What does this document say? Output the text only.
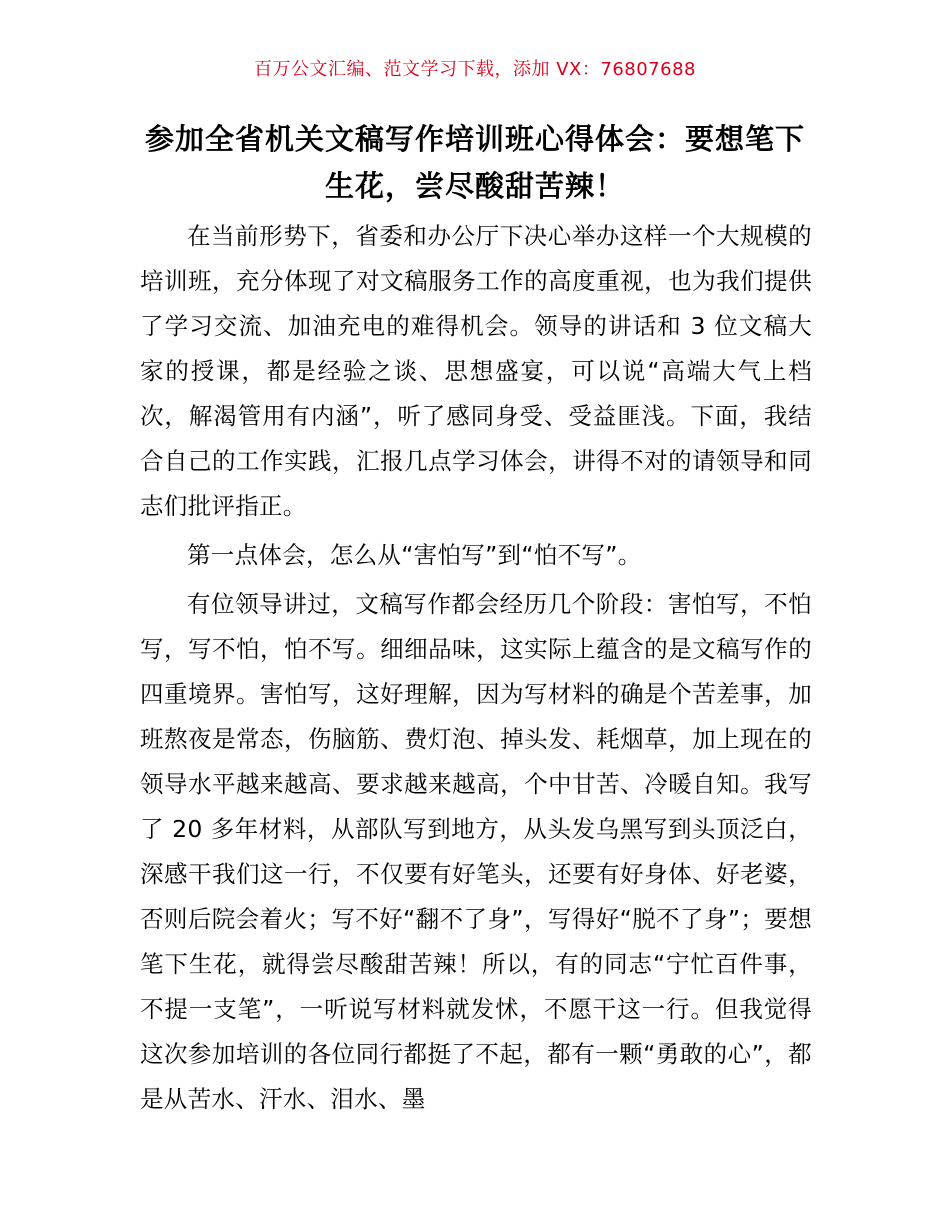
百万公文汇编、范文学习下载，添加 VX：76807688
参加全省机关文稿写作培训班心得体会：要想笔下生花，尝尽酸甜苦辣！

在当前形势下，省委和办公厅下决心举办这样一个大规模的培训班，充分体现了对文稿服务工作的高度重视，也为我们提供了学习交流、加油充电的难得机会。领导的讲话和 3 位文稿大家的授课，都是经验之谈、思想盛宴，可以说“高端大气上档次，解渴管用有内涵”，听了感同身受、受益匪浅。下面，我结合自己的工作实践，汇报几点学习体会，讲得不对的请领导和同志们批评指正。

第一点体会，怎么从“害怕写”到“怕不写”。

有位领导讲过，文稿写作都会经历几个阶段：害怕写，不怕写，写不怕，怕不写。细细品味，这实际上蕴含的是文稿写作的四重境界。害怕写，这好理解，因为写材料的确是个苦差事，加班熬夜是常态，伤脑筋、费灯泡、掉头发、耗烟草，加上现在的领导水平越来越高、要求越来越高，个中甘苦、冷暖自知。我写了 20 多年材料，从部队写到地方，从头发乌黑写到头顶泛白，深感干我们这一行，不仅要有好笔头，还要有好身体、好老婆，否则后院会着火；写不好“翻不了身”，写得好“脱不了身”；要想笔下生花，就得尝尽酸甜苦辣！所以，有的同志“宁忙百件事，不提一支笔”，一听说写材料就发怵，不愿干这一行。但我觉得这次参加培训的各位同行都挺了不起，都有一颗“勇敢的心”，都是从苦水、汗水、泪水、墨
